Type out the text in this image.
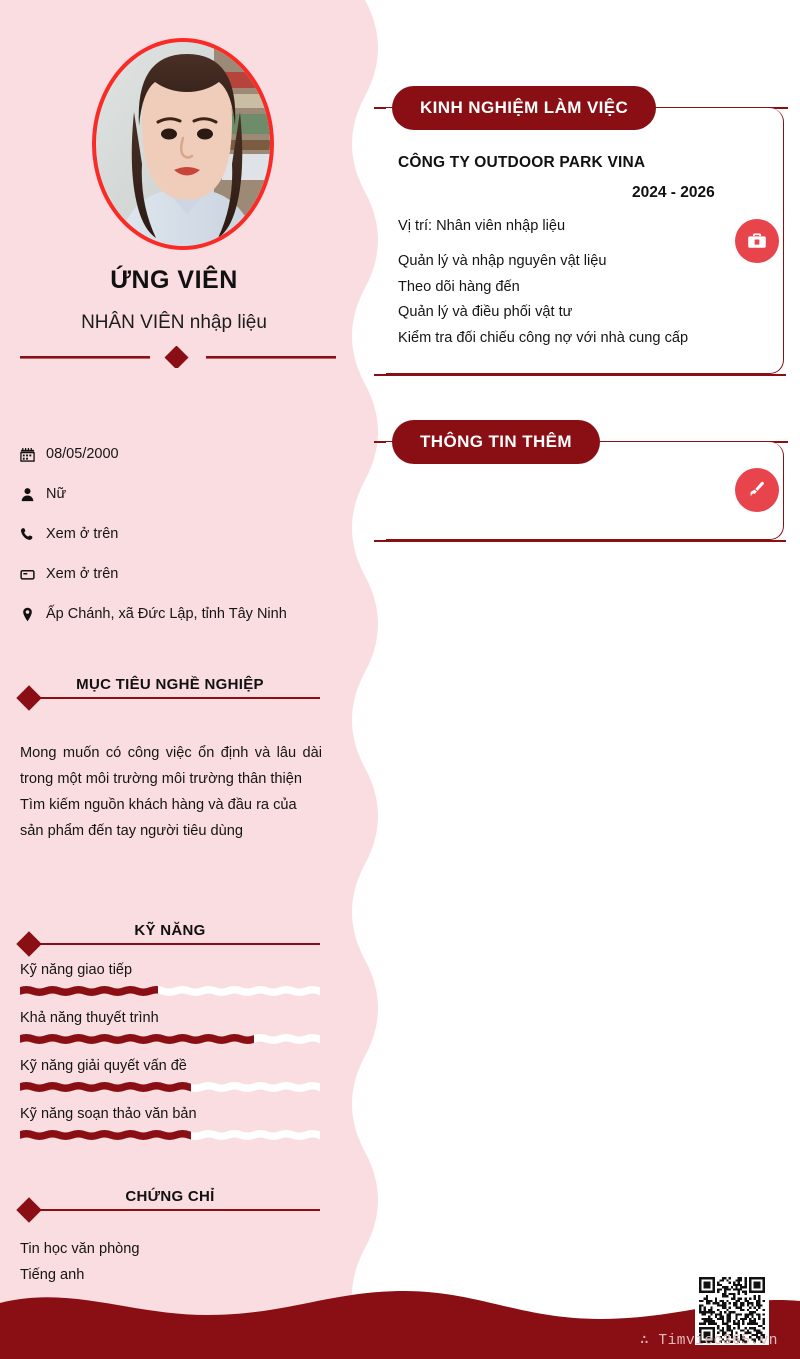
ỨNG VIÊN
NHÂN VIÊN nhập liệu
08/05/2000
Nữ
Xem ở trên
Xem ở trên
Ấp Chánh, xã Đức Lập, tỉnh Tây Ninh
MỤC TIÊU NGHỀ NGHIỆP

Mong muốn có công việc ổn định và lâu dài trong một môi trường môi trường thân thiện

Tìm kiếm nguồn khách hàng và đầu ra của sản phẩm đến tay người tiêu dùng

KỸ NĂNG
Kỹ năng giao tiếp
Khả năng thuyết trình
Kỹ năng giải quyết vấn đề
Kỹ năng soạn thảo văn bản
CHỨNG CHỈ
Tin học văn phòng
Tiếng anh
KINH NGHIỆM LÀM VIỆC
CÔNG TY OUTDOOR PARK VINA
2024 - 2026
Vị trí: Nhân viên nhập liệu
Quản lý và nhập nguyên vật liệu
Theo dõi hàng đến
Quản lý và điều phối vật tư
Kiểm tra đối chiếu công nợ với nhà cung cấp
THÔNG TIN THÊM
∴ Timviec365.vn
